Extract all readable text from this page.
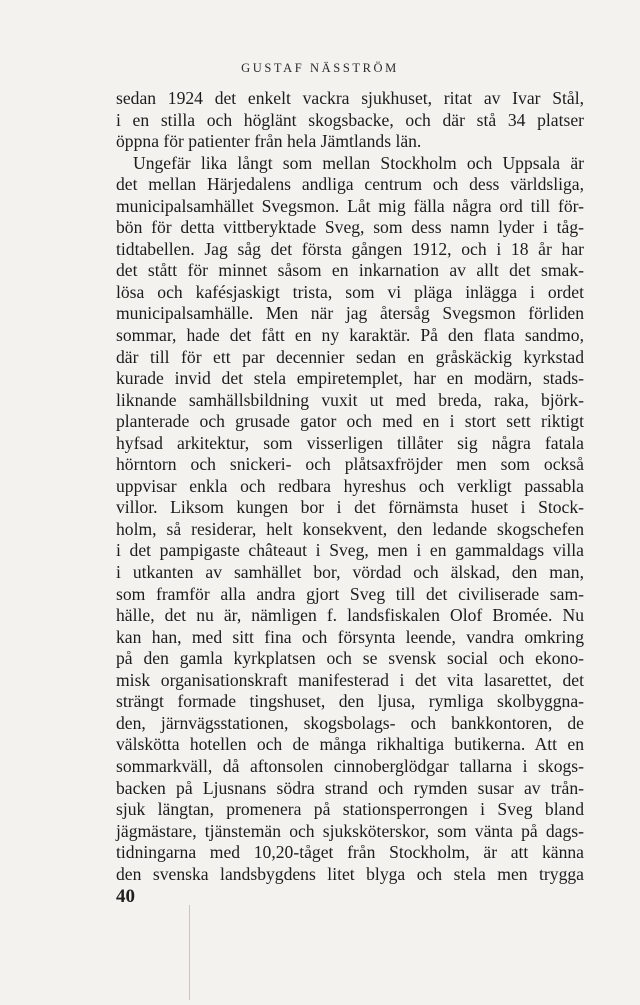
GUSTAF NÄSSTRÖM
sedan 1924 det enkelt vackra sjukhuset, ritat av Ivar Stål,
i en stilla och höglänt skogsbacke, och där stå 34 platser
öppna för patienter från hela Jämtlands län.
Ungefär lika långt som mellan Stockholm och Uppsala är
det mellan Härjedalens andliga centrum och dess världsliga,
municipalsamhället Svegsmon. Låt mig fälla några ord till för-
bön för detta vittberyktade Sveg, som dess namn lyder i tåg-
tidtabellen. Jag såg det första gången 1912, och i 18 år har
det stått för minnet såsom en inkarnation av allt det smak-
lösa och kafésjaskigt trista, som vi pläga inlägga i ordet
municipalsamhälle. Men när jag återsåg Svegsmon förliden
sommar, hade det fått en ny karaktär. På den flata sandmo,
där till för ett par decennier sedan en gråskäckig kyrkstad
kurade invid det stela empiretemplet, har en modärn, stads-
liknande samhällsbildning vuxit ut med breda, raka, björk-
planterade och grusade gator och med en i stort sett riktigt
hyfsad arkitektur, som visserligen tillåter sig några fatala
hörntorn och snickeri- och plåtsaxfröjder men som också
uppvisar enkla och redbara hyreshus och verkligt passabla
villor. Liksom kungen bor i det förnämsta huset i Stock-
holm, så residerar, helt konsekvent, den ledande skogschefen
i det pampigaste châteaut i Sveg, men i en gammaldags villa
i utkanten av samhället bor, vördad och älskad, den man,
som framför alla andra gjort Sveg till det civiliserade sam-
hälle, det nu är, nämligen f. landsfiskalen Olof Bromée. Nu
kan han, med sitt fina och försynta leende, vandra omkring
på den gamla kyrkplatsen och se svensk social och ekono-
misk organisationskraft manifesterad i det vita lasarettet, det
strängt formade tingshuset, den ljusa, rymliga skolbyggna-
den, järnvägsstationen, skogsbolags- och bankkontoren, de
välskötta hotellen och de många rikhaltiga butikerna. Att en
sommarkväll, då aftonsolen cinnoberglödgar tallarna i skogs-
backen på Ljusnans södra strand och rymden susar av trån-
sjuk längtan, promenera på stationsperrongen i Sveg bland
jägmästare, tjänstemän och sjuksköterskor, som vänta på dags-
tidningarna med 10,20-tåget från Stockholm, är att känna
den svenska landsbygdens litet blyga och stela men trygga
40
